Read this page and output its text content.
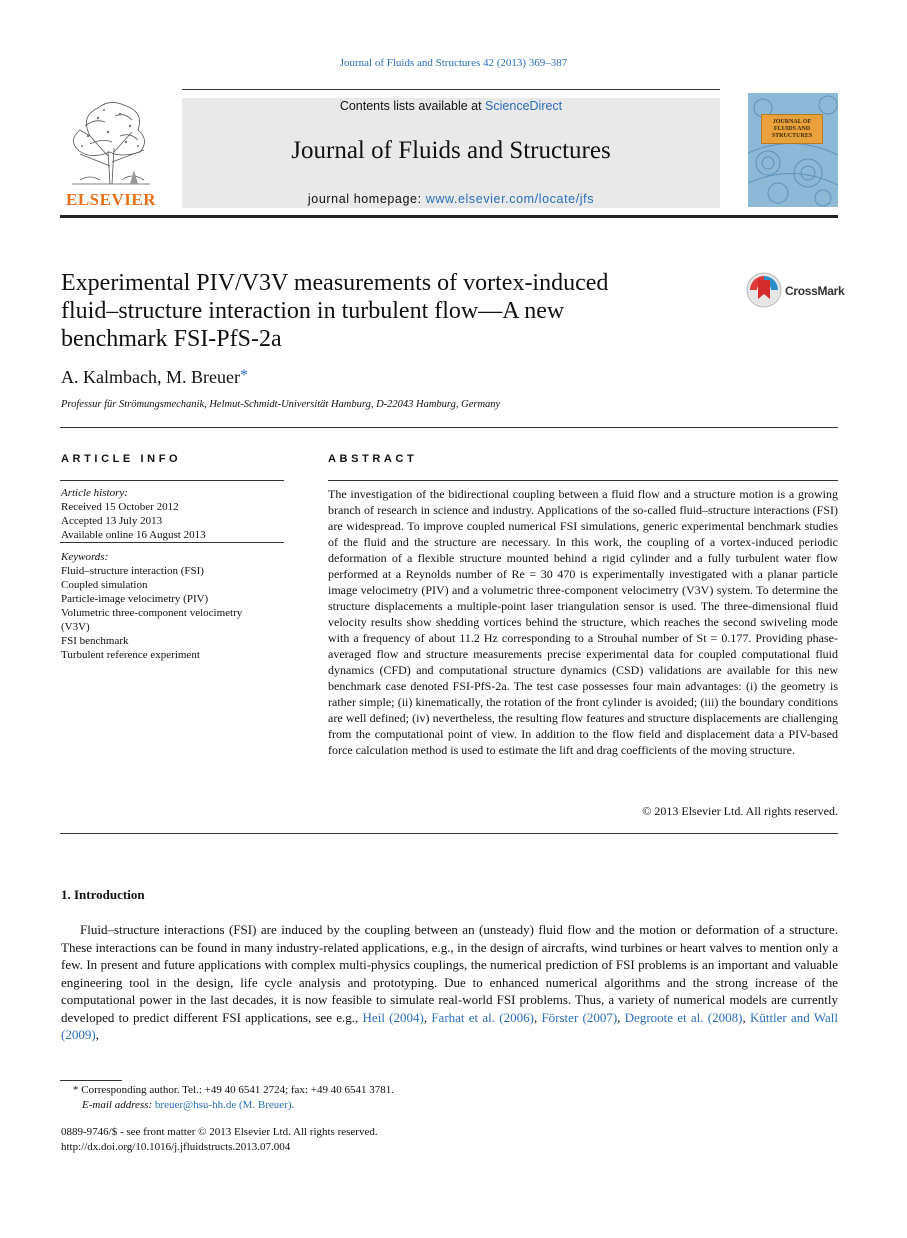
Journal of Fluids and Structures 42 (2013) 369–387
ELSEVIER
Contents lists available at ScienceDirect
Journal of Fluids and Structures
journal homepage: www.elsevier.com/locate/jfs
JOURNAL OF
FLUIDS AND
STRUCTURES
Experimental PIV/V3V measurements of vortex-induced
fluid–structure interaction in turbulent flow—A new
benchmark FSI-PfS-2a
CrossMark
A. Kalmbach, M. Breuer*
Professur für Strömungsmechanik, Helmut-Schmidt-Universität Hamburg, D-22043 Hamburg, Germany
ARTICLE INFO	ABSTRACT
Article history:
Received 15 October 2012
Accepted 13 July 2013
Available online 16 August 2013
Keywords:
Fluid–structure interaction (FSI)
Coupled simulation
Particle-image velocimetry (PIV)
Volumetric three-component velocimetry
(V3V)
FSI benchmark
Turbulent reference experiment
The investigation of the bidirectional coupling between a fluid flow and a structure motion is a growing branch of research in science and industry. Applications of the so-called fluid–structure interactions (FSI) are widespread. To improve coupled numerical FSI simulations, generic experimental benchmark studies of the fluid and the structure are necessary. In this work, the coupling of a vortex-induced periodic deformation of a flexible structure mounted behind a rigid cylinder and a fully turbulent water flow performed at a Reynolds number of Re = 30 470 is experimentally investigated with a planar particle image velocimetry (PIV) and a volumetric three-component velocimetry (V3V) system. To determine the structure displacements a multiple-point laser triangulation sensor is used. The three-dimensional fluid velocity results show shedding vortices behind the structure, which reaches the second swiveling mode with a frequency of about 11.2 Hz corresponding to a Strouhal number of St = 0.177. Providing phase-averaged flow and structure measurements precise experimental data for coupled computational fluid dynamics (CFD) and computational structure dynamics (CSD) validations are available for this new benchmark case denoted FSI-PfS-2a. The test case possesses four main advantages: (i) the geometry is rather simple; (ii) kinematically, the rotation of the front cylinder is avoided; (iii) the boundary conditions are well defined; (iv) nevertheless, the resulting flow features and structure displacements are challenging from the computational point of view. In addition to the flow field and displacement data a PIV-based force calculation method is used to estimate the lift and drag coefficients of the moving structure.
© 2013 Elsevier Ltd. All rights reserved.
1. Introduction
Fluid–structure interactions (FSI) are induced by the coupling between an (unsteady) fluid flow and the motion or deformation of a structure. These interactions can be found in many industry-related applications, e.g., in the design of aircrafts, wind turbines or heart valves to mention only a few. In present and future applications with complex multi-physics couplings, the numerical prediction of FSI problems is an important and valuable engineering tool in the design, life cycle analysis and prototyping. Due to enhanced numerical algorithms and the strong increase of the computational power in the last decades, it is now feasible to simulate real-world FSI problems. Thus, a variety of numerical models are currently developed to predict different FSI applications, see e.g., Heil (2004), Farhat et al. (2006), Förster (2007), Degroote et al. (2008), Küttler and Wall (2009),
* Corresponding author. Tel.: +49 40 6541 2724; fax: +49 40 6541 3781.
E-mail address: breuer@hsu-hh.de (M. Breuer).
0889-9746/$ - see front matter © 2013 Elsevier Ltd. All rights reserved.
http://dx.doi.org/10.1016/j.jfluidstructs.2013.07.004
